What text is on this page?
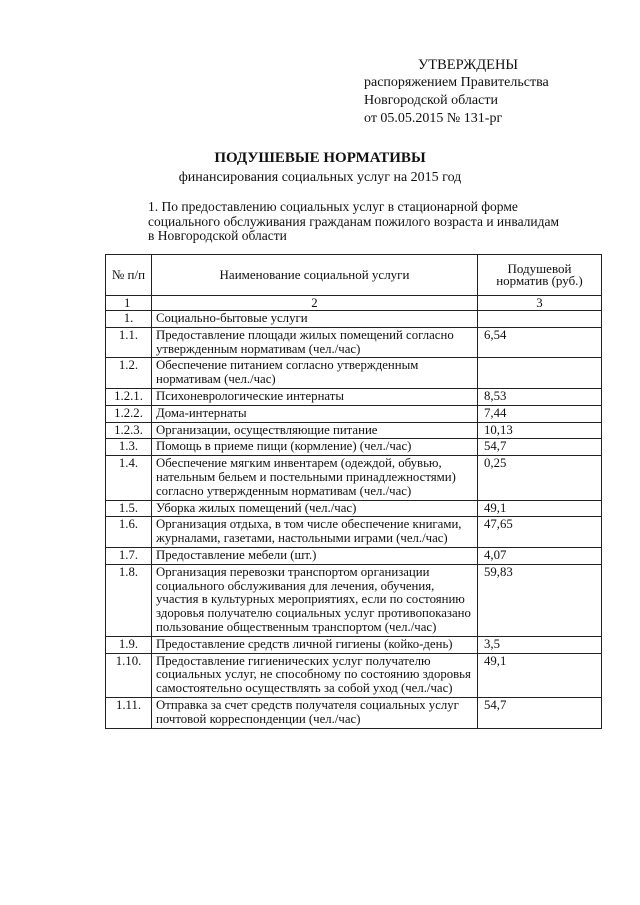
УТВЕРЖДЕНЫ
распоряжением Правительства
Новгородской области
от 05.05.2015 № 131-рг
ПОДУШЕВЫЕ НОРМАТИВЫ
финансирования социальных услуг на 2015 год
1. По предоставлению социальных услуг в стационарной форме социального обслуживания гражданам пожилого возраста и инвалидам в Новгородской области
№ п/п	Наименование социальной услуги	Подушевой норматив (руб.)
1	2	3
1.	Социально-бытовые услуги	
1.1.	Предоставление площади жилых помещений согласно утвержденным нормативам (чел./час)	6,54
1.2.	Обеспечение питанием согласно утвержденным нормативам (чел./час)	
1.2.1.	Психоневрологические интернаты	8,53
1.2.2.	Дома-интернаты	7,44
1.2.3.	Организации, осуществляющие питание	10,13
1.3.	Помощь в приеме пищи (кормление) (чел./час)	54,7
1.4.	Обеспечение мягким инвентарем (одеждой, обувью, нательным бельем и постельными принадлежностями) согласно утвержденным нормативам (чел./час)	0,25
1.5.	Уборка жилых помещений (чел./час)	49,1
1.6.	Организация отдыха, в том числе обеспечение книгами, журналами, газетами, настольными играми (чел./час)	47,65
1.7.	Предоставление мебели (шт.)	4,07
1.8.	Организация перевозки транспортом организации социального обслуживания для лечения, обучения, участия в культурных мероприятиях, если по состоянию здоровья получателю социальных услуг противопоказано пользование общественным транспортом (чел./час)	59,83
1.9.	Предоставление средств личной гигиены (койко-день)	3,5
1.10.	Предоставление гигиенических услуг получателю социальных услуг, не способному по состоянию здоровья самостоятельно осуществлять за собой уход (чел./час)	49,1
1.11.	Отправка за счет средств получателя социальных услуг почтовой корреспонденции (чел./час)	54,7
